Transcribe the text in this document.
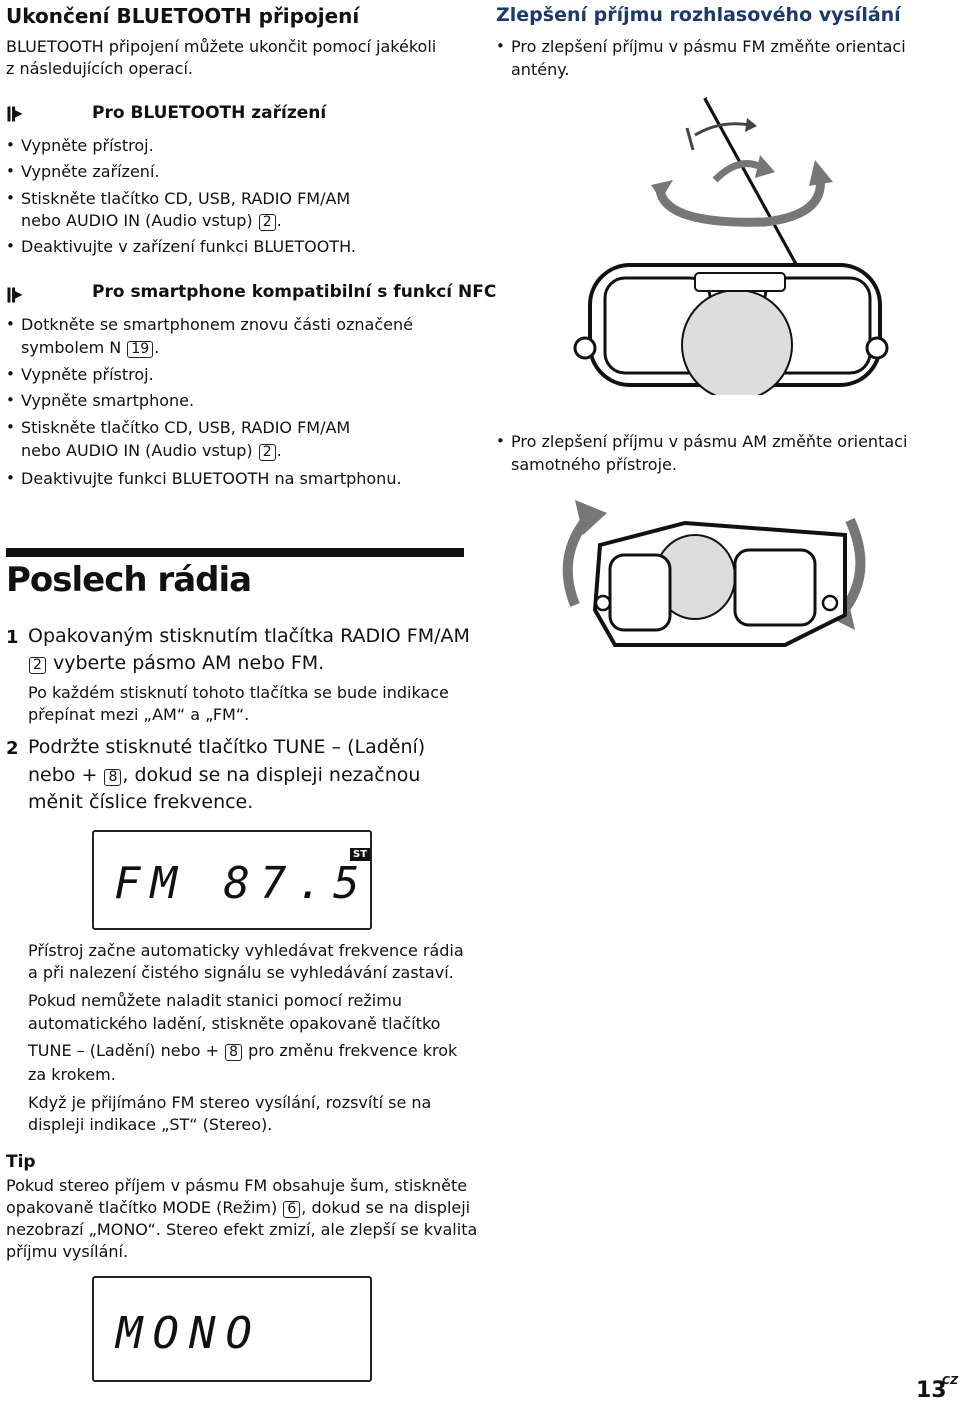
Ukončení BLUETOOTH připojení

BLUETOOTH připojení můžete ukončit pomocí jakékoli

z následujících operací.

ǁ▸	Pro BLUETOOTH zařízení
• Vypněte přístroj.
• Vypněte zařízení.
• Stiskněte tlačítko CD, USB, RADIO FM/AM
nebo AUDIO IN (Audio vstup) 2 .
• Deaktivujte v zařízení funkci BLUETOOTH.
ǁ▸	Pro smartphone kompatibilní s funkcí NFC
• Dotkněte se smartphonem znovu části označené
symbolem N 19 .
• Vypněte přístroj.
• Vypněte smartphone.
• Stiskněte tlačítko CD, USB, RADIO FM/AM
nebo AUDIO IN (Audio vstup) 2 .
• Deaktivujte funkci BLUETOOTH na smartphonu.
Zlepšení příjmu rozhlasového vysílání
• Pro zlepšení příjmu v pásmu FM změňte orientaci
antény.
• Pro zlepšení příjmu v pásmu AM změňte orientaci
samotného přístroje.
Poslech rádia
1 Opakovaným stisknutím tlačítka RADIO FM/AM
2 vyberte pásmo AM nebo FM.
Po každém stisknutí tohoto tlačítka se bude indikace
přepínat mezi „AM“ a „FM“.
2 Podržte stisknuté tlačítko TUNE – (Ladění)
nebo + 8 , dokud se na displeji nezačnou
měnit číslice frekvence.
ST
FM 87.5
Přístroj začne automaticky vyhledávat frekvence rádia
a při nalezení čistého signálu se vyhledávání zastaví.
Pokud nemůžete naladit stanici pomocí režimu
automatického ladění, stiskněte opakovaně tlačítko
TUNE – (Ladění) nebo + 8 pro změnu frekvence krok
za krokem.
Když je přijímáno FM stereo vysílání, rozsvítí se na
displeji indikace „ST“ (Stereo).
Tip
Pokud stereo příjem v pásmu FM obsahuje šum, stiskněte
opakovaně tlačítko MODE (Režim) 6 , dokud se na displeji
nezobrazí „MONO“. Stereo efekt zmizí, ale zlepší se kvalita
příjmu vysílání.
MONO
13
CZ
